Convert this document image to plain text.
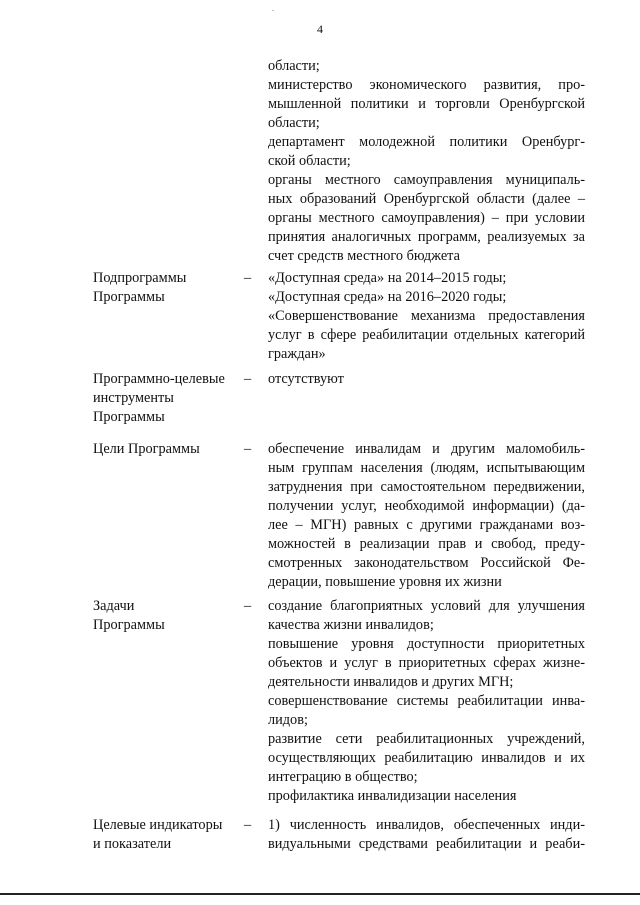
.
4
области;
министерство экономического развития, про-
мышленной политики и торговли Оренбургской
области;
департамент молодежной политики Оренбург-
ской области;
органы местного самоуправления муниципаль-
ных образований Оренбургской области (далее –
органы местного самоуправления) – при условии
принятия аналогичных программ, реализуемых за
счет средств местного бюджета
Подпрограммы
Программы
– «Доступная среда» на 2014–2015 годы;
«Доступная среда» на 2016–2020 годы;
«Совершенствование механизма предоставления
услуг в сфере реабилитации отдельных категорий
граждан»
Программно-целевые
инструменты
Программы
– отсутствуют
Цели Программы	– обеспечение инвалидам и другим маломобиль-
ным группам населения (людям, испытывающим
затруднения при самостоятельном передвижении,
получении услуг, необходимой информации) (да-
лее – МГН) равных с другими гражданами воз-
можностей в реализации прав и свобод, преду-
смотренных законодательством Российской Фе-
дерации, повышение уровня их жизни
Задачи
Программы
– создание благоприятных условий для улучшения
качества жизни инвалидов;
повышение уровня доступности приоритетных
объектов и услуг в приоритетных сферах жизне-
деятельности инвалидов и других МГН;
совершенствование системы реабилитации инва-
лидов;
развитие сети реабилитационных учреждений,
осуществляющих реабилитацию инвалидов и их
интеграцию в общество;
профилактика инвалидизации населения
Целевые индикаторы
и показатели
– 1) численность инвалидов, обеспеченных инди-
видуальными средствами реабилитации и реаби-
